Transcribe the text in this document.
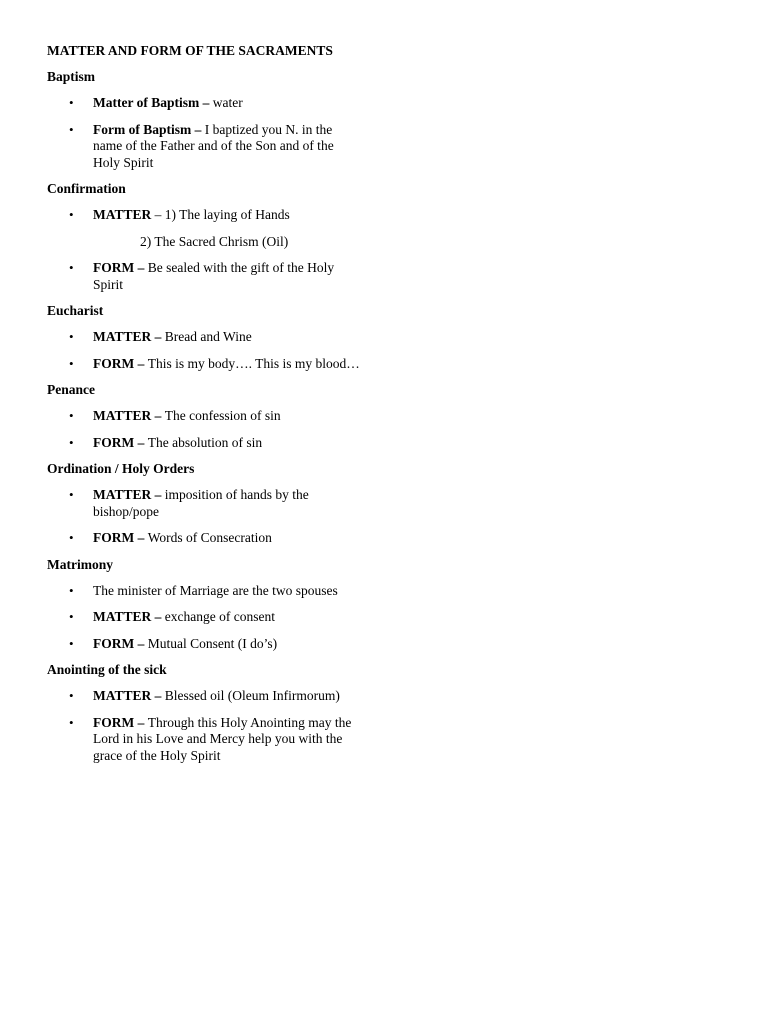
MATTER AND FORM OF THE SACRAMENTS
Baptism
• Matter of Baptism – water
• Form of Baptism – I baptized you N. in the name of the Father and of the Son and of the Holy Spirit
Confirmation
• MATTER – 1) The laying of Hands
2) The Sacred Chrism (Oil)
• FORM – Be sealed with the gift of the Holy Spirit
Eucharist
• MATTER – Bread and Wine
• FORM – This is my body…. This is my blood…
Penance
• MATTER – The confession of sin
• FORM – The absolution of sin
Ordination / Holy Orders
• MATTER – imposition of hands by the bishop/pope
• FORM – Words of Consecration
Matrimony
• The minister of Marriage are the two spouses
• MATTER – exchange of consent
• FORM – Mutual Consent (I do’s)
Anointing of the sick
• MATTER – Blessed oil (Oleum Infirmorum)
• FORM – Through this Holy Anointing may the Lord in his Love and Mercy help you with the grace of the Holy Spirit
